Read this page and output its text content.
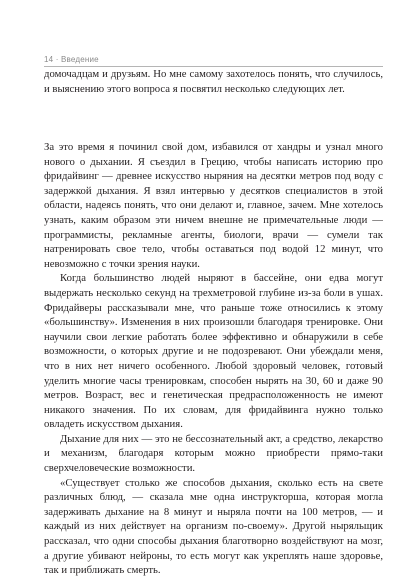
14 · Введение

домочадцам и друзьям. Но мне самому захотелось понять, что случилось, и выяснению этого вопроса я посвятил несколько следующих лет.

За это время я починил свой дом, избавился от хандры и узнал много нового о дыхании. Я съездил в Грецию, чтобы написать историю про фридайвинг — древнее искусство ныряния на десятки метров под воду с задержкой дыхания. Я взял интервью у десятков специалистов в этой области, надеясь понять, что они делают и, главное, зачем. Мне хотелось узнать, каким образом эти ничем внешне не примечательные люди — программисты, рекламные агенты, биологи, врачи — сумели так натренировать свое тело, чтобы оставаться под водой 12 минут, что невозможно с точки зрения науки.

Когда большинство людей ныряют в бассейне, они едва могут выдержать несколько секунд на трехметровой глубине из-за боли в ушах. Фридайверы рассказывали мне, что раньше тоже относились к этому «большинству». Изменения в них произошли благодаря тренировке. Они научили свои легкие работать более эффективно и обнаружили в себе возможности, о которых другие и не подозревают. Они убеждали меня, что в них нет ничего особенного. Любой здоровый человек, готовый уделить многие часы тренировкам, способен нырять на 30, 60 и даже 90 метров. Возраст, вес и генетическая предрасположенность не имеют никакого значения. По их словам, для фридайвинга нужно только овладеть искусством дыхания.

Дыхание для них — это не бессознательный акт, а средство, лекарство и механизм, благодаря которым можно приобрести прямо-таки сверхчеловеческие возможности.

«Существует столько же способов дыхания, сколько есть на свете различных блюд, — сказала мне одна инструкторша, которая могла задерживать дыхание на 8 минут и ныряла почти на 100 метров, — и каждый из них действует на организм по-своему». Другой ныряльщик рассказал, что одни способы дыхания благотворно воздействуют на мозг, а другие убивают нейроны, то есть могут как укреплять наше здоровье, так и приближать смерть.
